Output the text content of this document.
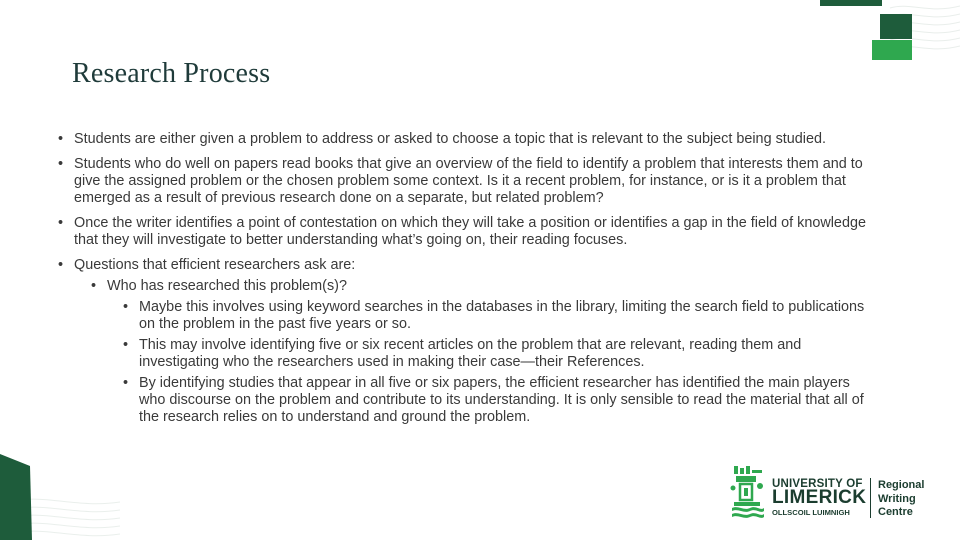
Research Process
• Students are either given a problem to address or asked to choose a topic that is relevant to the subject being studied.
• Students who do well on papers read books that give an overview of the field to identify a problem that interests them and to give the assigned problem or the chosen problem some context. Is it a recent problem, for instance, or is it a problem that emerged as a result of previous research done on a separate, but related problem?
• Once the writer identifies a point of contestation on which they will take a position or identifies a gap in the field of knowledge that they will investigate to better understanding what’s going on, their reading focuses.
• Questions that efficient researchers ask are:
• Who has researched this problem(s)?
• Maybe this involves using keyword searches in the databases in the library, limiting the search field to publications on the problem in the past five years or so.
• This may involve identifying five or six recent articles on the problem that are relevant, reading them and investigating who the researchers used in making their case—their References.
• By identifying studies that appear in all five or six papers, the efficient researcher has identified the main players who discourse on the problem and contribute to its understanding. It is only sensible to read the material that all of the research relies on to understand and ground the problem.
UNIVERSITY OF
LIMERICK
OLLSCOIL LUIMNIGH
Regional
Writing
Centre
